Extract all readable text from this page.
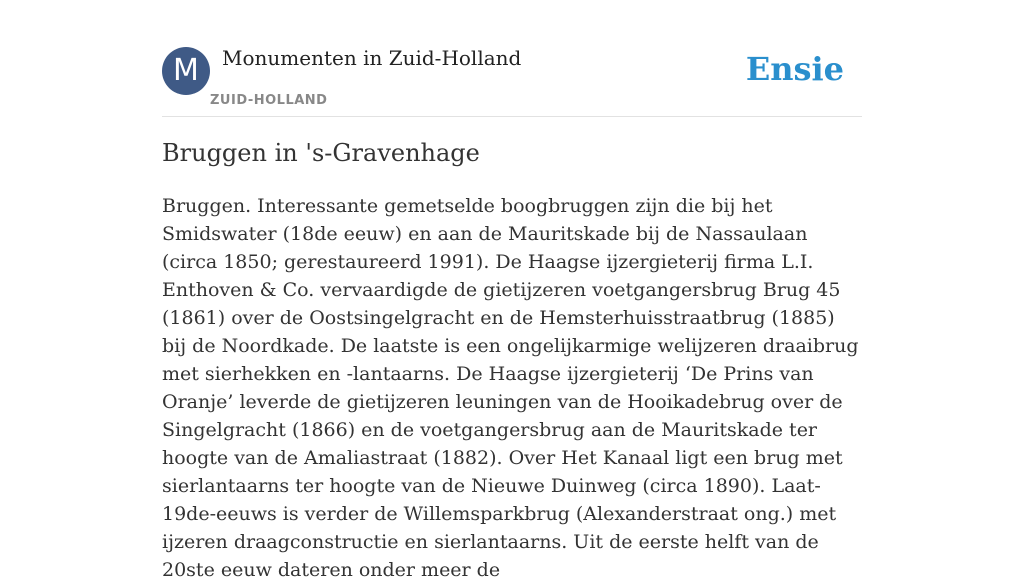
M	Monumenten in Zuid-Holland
ZUID-HOLLAND
Ensie
Bruggen in 's-Gravenhage

Bruggen. Interessante gemetselde boogbruggen zijn die bij het Smidswater (18de eeuw) en aan de Mauritskade bij de Nassaulaan (circa 1850; gerestaureerd 1991). De Haagse ijzergieterij firma L.I. Enthoven & Co. vervaardigde de gietijzeren voetgangersbrug Brug 45 (1861) over de Oostsingelgracht en de Hemsterhuisstraatbrug (1885) bij de Noordkade. De laatste is een ongelijkarmige welijzeren draaibrug met sierhekken en -lantaarns. De Haagse ijzergieterij ‘De Prins van Oranje’ leverde de gietijzeren leuningen van de Hooikadebrug over de Singelgracht (1866) en de voetgangersbrug aan de Mauritskade ter hoogte van de Amaliastraat (1882). Over Het Kanaal ligt een brug met sierlantaarns ter hoogte van de Nieuwe Duinweg (circa 1890). Laat-19de-eeuws is verder de Willemsparkbrug (Alexanderstraat ong.) met ijzeren draagconstructie en sierlantaarns. Uit de eerste helft van de 20ste eeuw dateren onder meer de
